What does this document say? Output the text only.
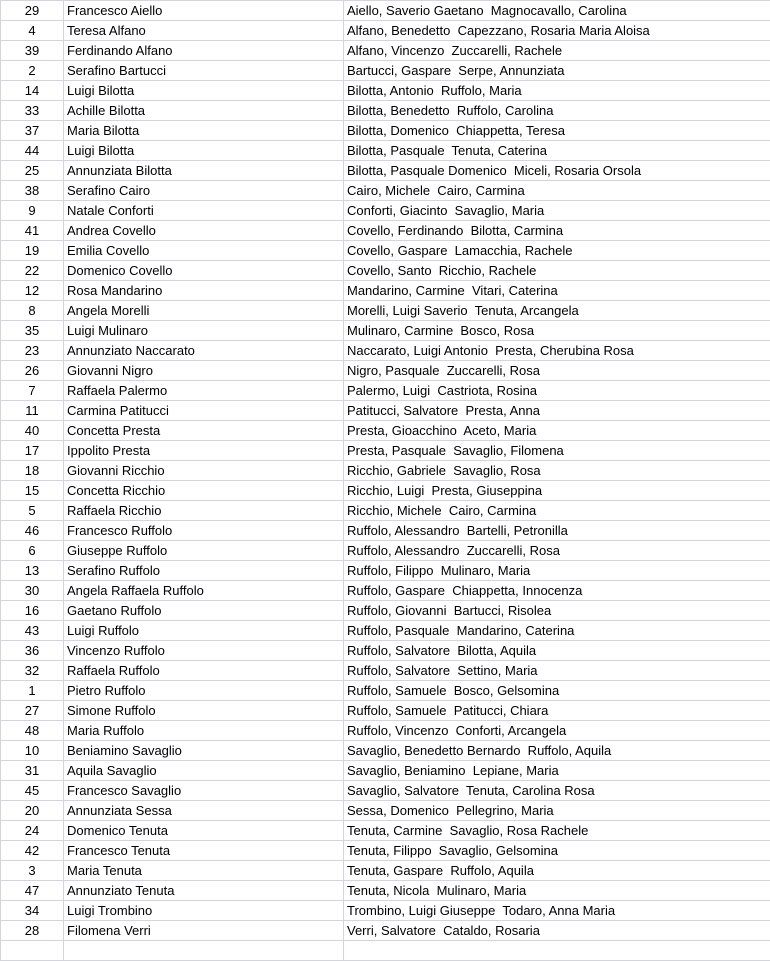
29	Francesco Aiello	Aiello, Saverio Gaetano  Magnocavallo, Carolina
4	Teresa Alfano	Alfano, Benedetto  Capezzano, Rosaria Maria Aloisa
39	Ferdinando Alfano	Alfano, Vincenzo  Zuccarelli, Rachele
2	Serafino Bartucci	Bartucci, Gaspare  Serpe, Annunziata
14	Luigi Bilotta	Bilotta, Antonio  Ruffolo, Maria
33	Achille Bilotta	Bilotta, Benedetto  Ruffolo, Carolina
37	Maria Bilotta	Bilotta, Domenico  Chiappetta, Teresa
44	Luigi Bilotta	Bilotta, Pasquale  Tenuta, Caterina
25	Annunziata Bilotta	Bilotta, Pasquale Domenico  Miceli, Rosaria Orsola
38	Serafino Cairo	Cairo, Michele  Cairo, Carmina
9	Natale Conforti	Conforti, Giacinto  Savaglio, Maria
41	Andrea Covello	Covello, Ferdinando  Bilotta, Carmina
19	Emilia Covello	Covello, Gaspare  Lamacchia, Rachele
22	Domenico Covello	Covello, Santo  Ricchio, Rachele
12	Rosa Mandarino	Mandarino, Carmine  Vitari, Caterina
8	Angela Morelli	Morelli, Luigi Saverio  Tenuta, Arcangela
35	Luigi Mulinaro	Mulinaro, Carmine  Bosco, Rosa
23	Annunziato Naccarato	Naccarato, Luigi Antonio  Presta, Cherubina Rosa
26	Giovanni Nigro	Nigro, Pasquale  Zuccarelli, Rosa
7	Raffaela Palermo	Palermo, Luigi  Castriota, Rosina
11	Carmina Patitucci	Patitucci, Salvatore  Presta, Anna
40	Concetta Presta	Presta, Gioacchino  Aceto, Maria
17	Ippolito Presta	Presta, Pasquale  Savaglio, Filomena
18	Giovanni Ricchio	Ricchio, Gabriele  Savaglio, Rosa
15	Concetta Ricchio	Ricchio, Luigi  Presta, Giuseppina
5	Raffaela Ricchio	Ricchio, Michele  Cairo, Carmina
46	Francesco Ruffolo	Ruffolo, Alessandro  Bartelli, Petronilla
6	Giuseppe Ruffolo	Ruffolo, Alessandro  Zuccarelli, Rosa
13	Serafino Ruffolo	Ruffolo, Filippo  Mulinaro, Maria
30	Angela Raffaela Ruffolo	Ruffolo, Gaspare  Chiappetta, Innocenza
16	Gaetano Ruffolo	Ruffolo, Giovanni  Bartucci, Risolea
43	Luigi Ruffolo	Ruffolo, Pasquale  Mandarino, Caterina
36	Vincenzo Ruffolo	Ruffolo, Salvatore  Bilotta, Aquila
32	Raffaela Ruffolo	Ruffolo, Salvatore  Settino, Maria
1	Pietro Ruffolo	Ruffolo, Samuele  Bosco, Gelsomina
27	Simone Ruffolo	Ruffolo, Samuele  Patitucci, Chiara
48	Maria Ruffolo	Ruffolo, Vincenzo  Conforti, Arcangela
10	Beniamino Savaglio	Savaglio, Benedetto Bernardo  Ruffolo, Aquila
31	Aquila Savaglio	Savaglio, Beniamino  Lepiane, Maria
45	Francesco Savaglio	Savaglio, Salvatore  Tenuta, Carolina Rosa
20	Annunziata Sessa	Sessa, Domenico  Pellegrino, Maria
24	Domenico Tenuta	Tenuta, Carmine  Savaglio, Rosa Rachele
42	Francesco Tenuta	Tenuta, Filippo  Savaglio, Gelsomina
3	Maria Tenuta	Tenuta, Gaspare  Ruffolo, Aquila
47	Annunziato Tenuta	Tenuta, Nicola  Mulinaro, Maria
34	Luigi Trombino	Trombino, Luigi Giuseppe  Todaro, Anna Maria
28	Filomena Verri	Verri, Salvatore  Cataldo, Rosaria
